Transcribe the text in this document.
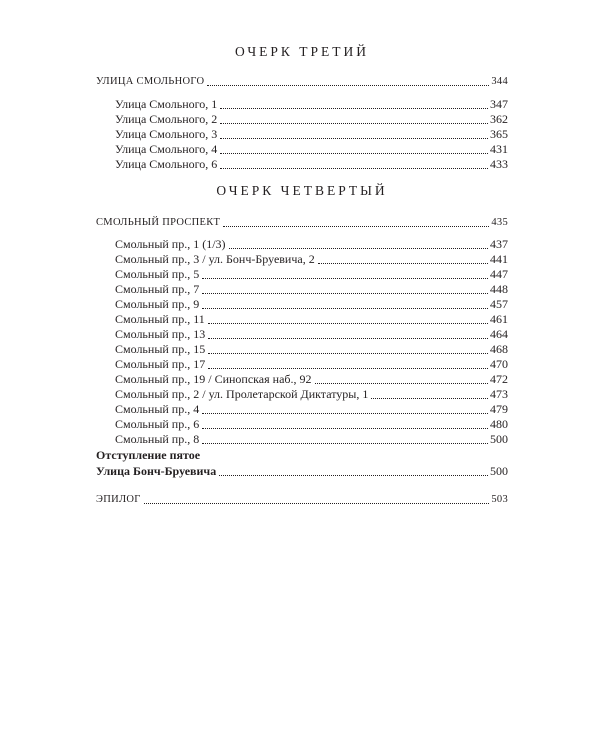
ОЧЕРК ТРЕТИЙ
УЛИЦА СМОЛЬНОГО	344
Улица Смольного, 1	347
Улица Смольного, 2	362
Улица Смольного, 3	365
Улица Смольного, 4	431
Улица Смольного, 6	433
ОЧЕРК ЧЕТВЕРТЫЙ
СМОЛЬНЫЙ ПРОСПЕКТ	435
Смольный пр., 1 (1/3)	437
Смольный пр., 3 / ул. Бонч-Бруевича, 2	441
Смольный пр., 5	447
Смольный пр., 7	448
Смольный пр., 9	457
Смольный пр., 11	461
Смольный пр., 13	464
Смольный пр., 15	468
Смольный пр., 17	470
Смольный пр., 19 / Синопская наб., 92	472
Смольный пр., 2 / ул. Пролетарской Диктатуры, 1	473
Смольный пр., 4	479
Смольный пр., 6	480
Смольный пр., 8	500
Отступление пятое
Улица Бонч-Бруевича	500
ЭПИЛОГ	503
